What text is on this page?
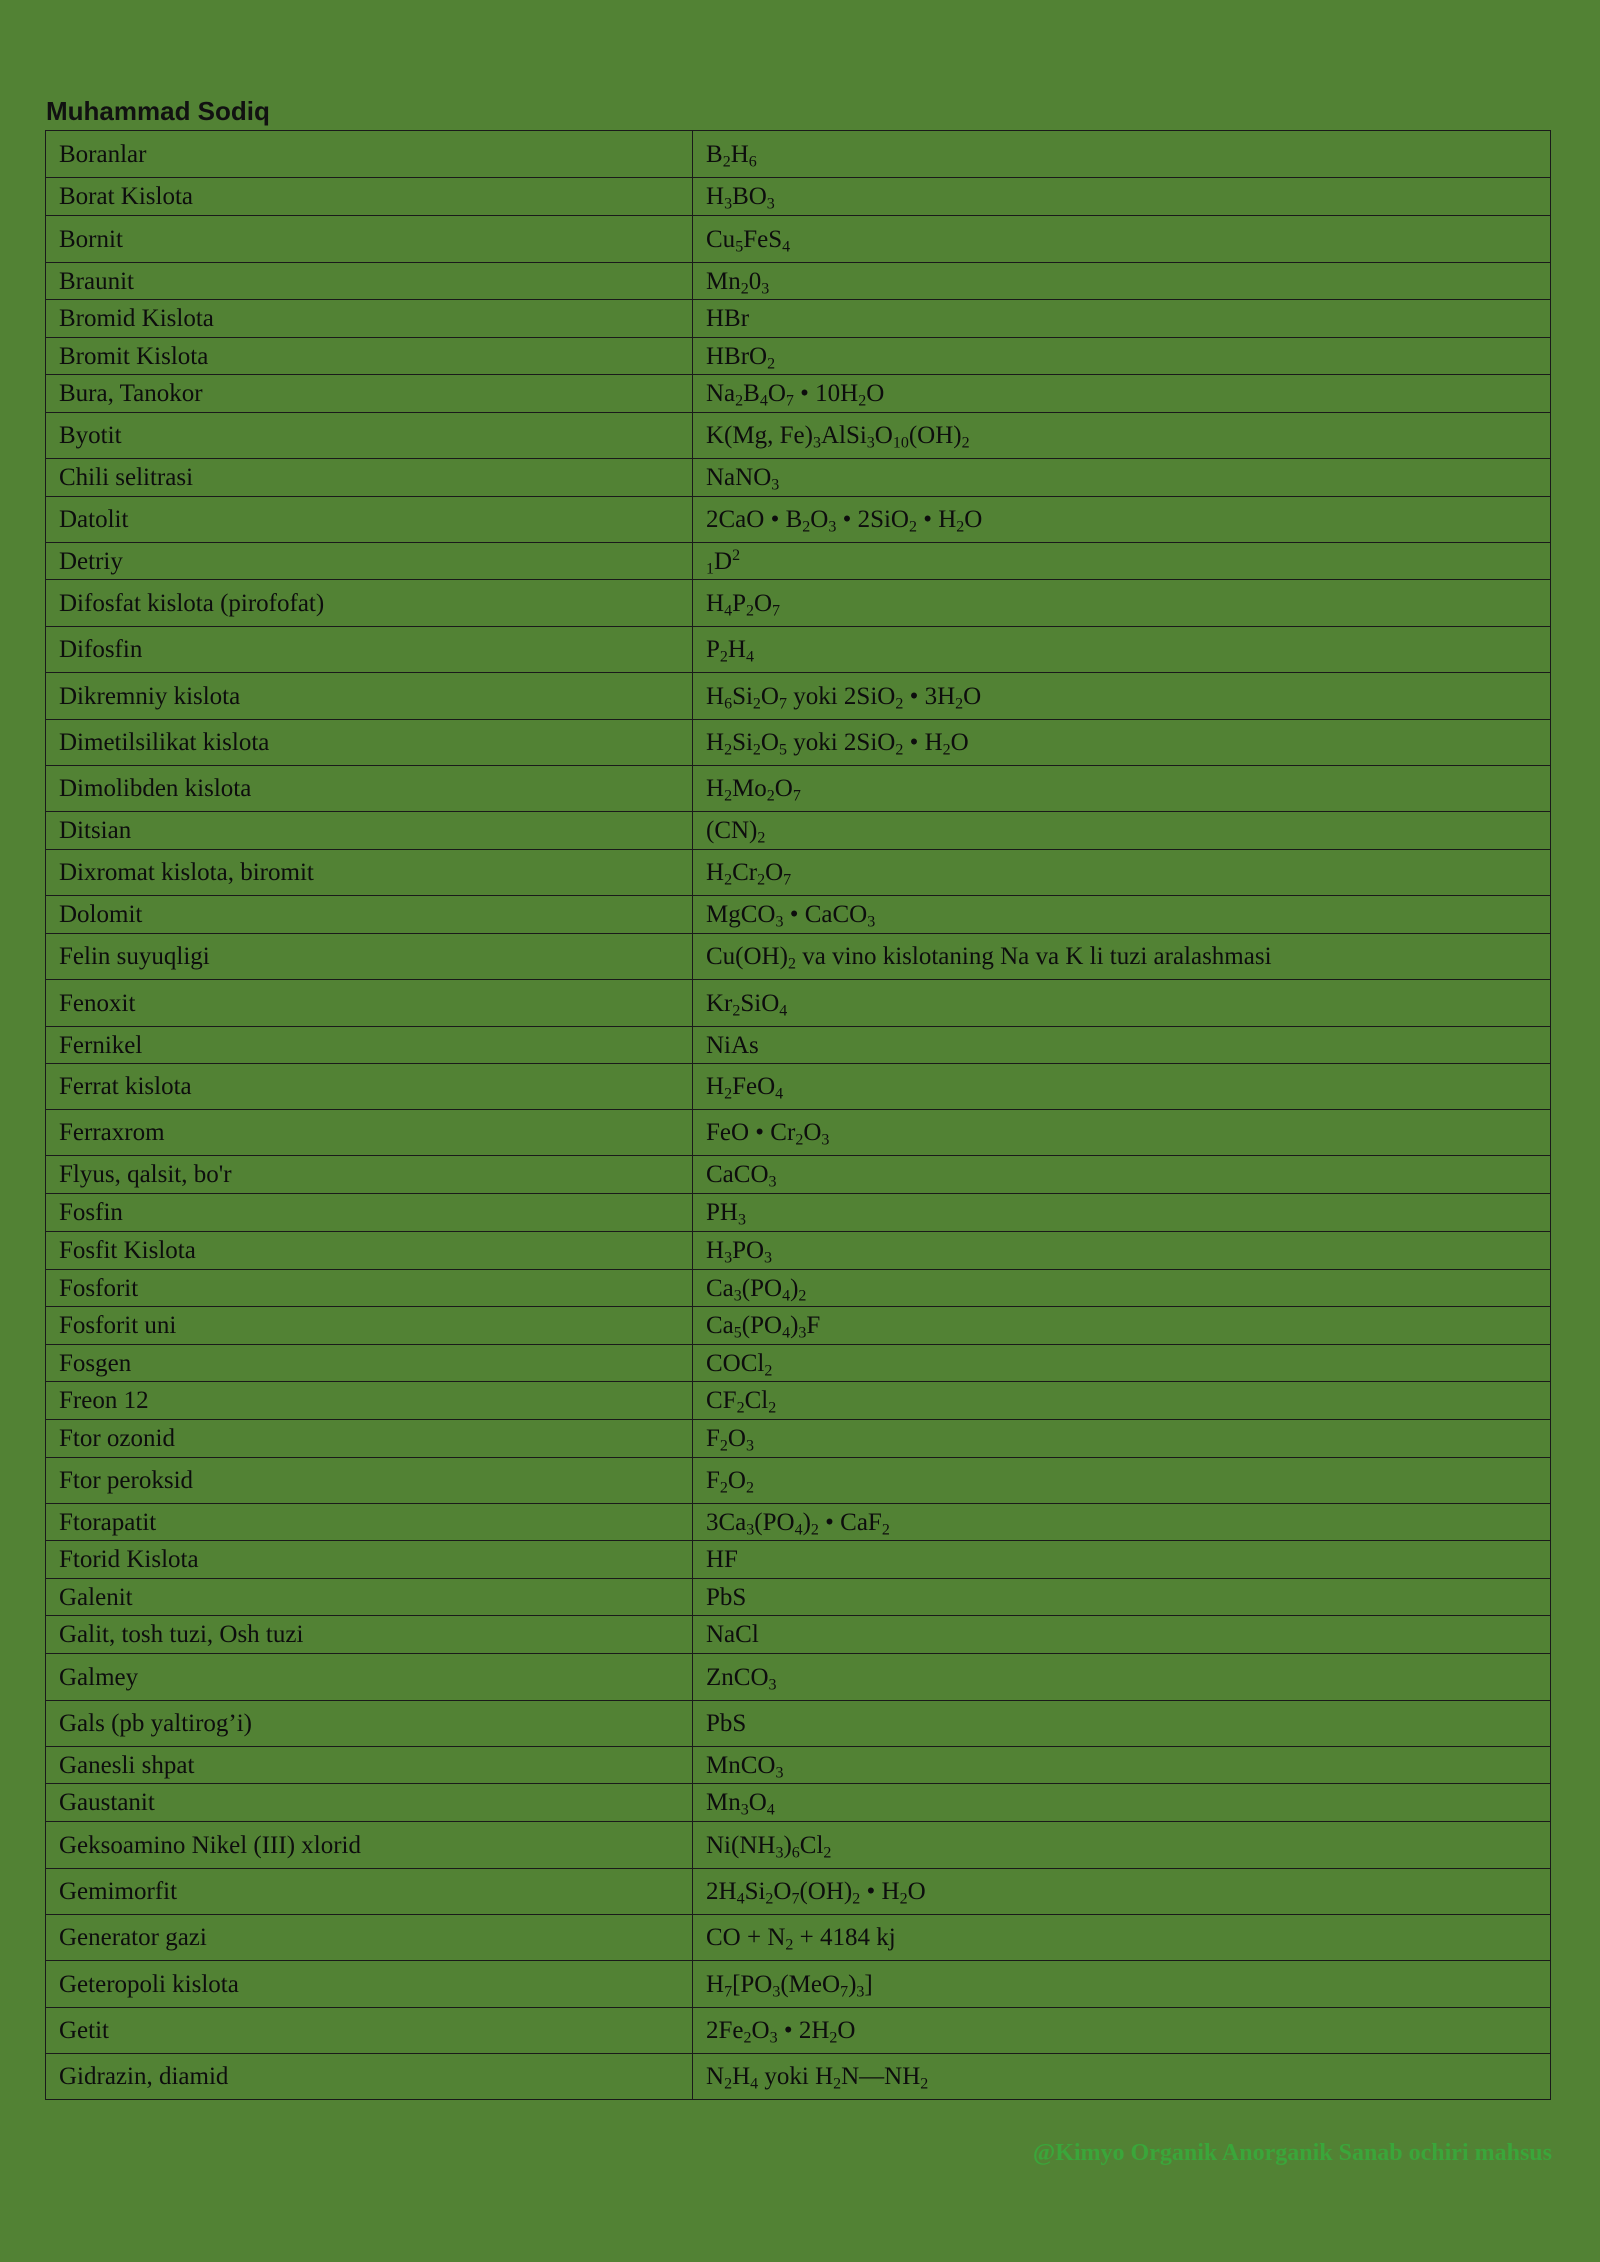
Muhammad Sodiq
Boranlar	$B_2H_6$
Borat Kislota	$H_3BO_3$
Bornit	$Cu_5FeS_4$
Braunit	$Mn_20_3$
Bromid Kislota	HBr
Bromit Kislota	HBrO$_2$
Bura, Tanokor	$Na_2B_4O_7$ • $10H_2O$
Byotit	K(Mg, $Fe)_3AlSi_3O_{10}(OH)_2$
Chili selitrasi	NaNO$_3$
Datolit	2CaO • $B_2O_3$ • 2SiO$_2$ • $H_2O$
Detriy	$_1D^2$
Difosfat kislota (pirofofat)	$H_4P_2O_7$
Difosfin	$P_2H_4$
Dikremniy kislota	$H_6Si_2O_7$ yoki 2SiO$_2$ • $3H_2O$
Dimetilsilikat kislota	$H_2Si_2O_5$ yoki 2SiO$_2$ • $H_2O$
Dimolibden kislota	$H_2Mo_2O_7$
Ditsian	$(CN)_2$
Dixromat kislota, biromit	$H_2Cr_2O_7$
Dolomit	MgCO$_3$ • CaCO$_3$
Felin suyuqligi	$Cu(OH)_2$ va vino kislotaning Na va K li tuzi aralashmasi
Fenoxit	$Kr_2SiO_4$
Fernikel	NiAs
Ferrat kislota	$H_2FeO_4$
Ferraxrom	FeO • $Cr_2O_3$
Flyus, qalsit, bo'r	CaCO$_3$
Fosfin	$PH_3$
Fosfit Kislota	$H_3PO_3$
Fosforit	$Ca_3(PO_4)_2$
Fosforit uni	$Ca_5(PO_4)_3F$
Fosgen	COCl$_2$
Freon 12	$CF_2Cl_2$
Ftor ozonid	$F_2O_3$
Ftor peroksid	$F_2O_2$
Ftorapatit	$3Ca_3(PO_4)_2$ • CaF$_2$
Ftorid Kislota	HF
Galenit	PbS
Galit, tosh tuzi, Osh tuzi	NaCl
Galmey	ZnCO$_3$
Gals (pb yaltirog’i)	PbS
Ganesli shpat	MnCO$_3$
Gaustanit	$Mn_3O_4$
Geksoamino Nikel (III) xlorid	$Ni(NH_3)_6Cl_2$
Gemimorfit	$2H_4Si_2O_7(OH)_2$ • $H_2O$
Generator gazi	CO + $N_2 + 4184$ kj
Geteropoli kislota	$H_7[PO_3(MeO_7)_3]$
Getit	$2Fe_2O_3$ • $2H_2O$
Gidrazin, diamid	$N_2H_4$ yoki $H_2N—NH_2$
@Kimyo Organik Anorganik Sanab ochiri mahsus
